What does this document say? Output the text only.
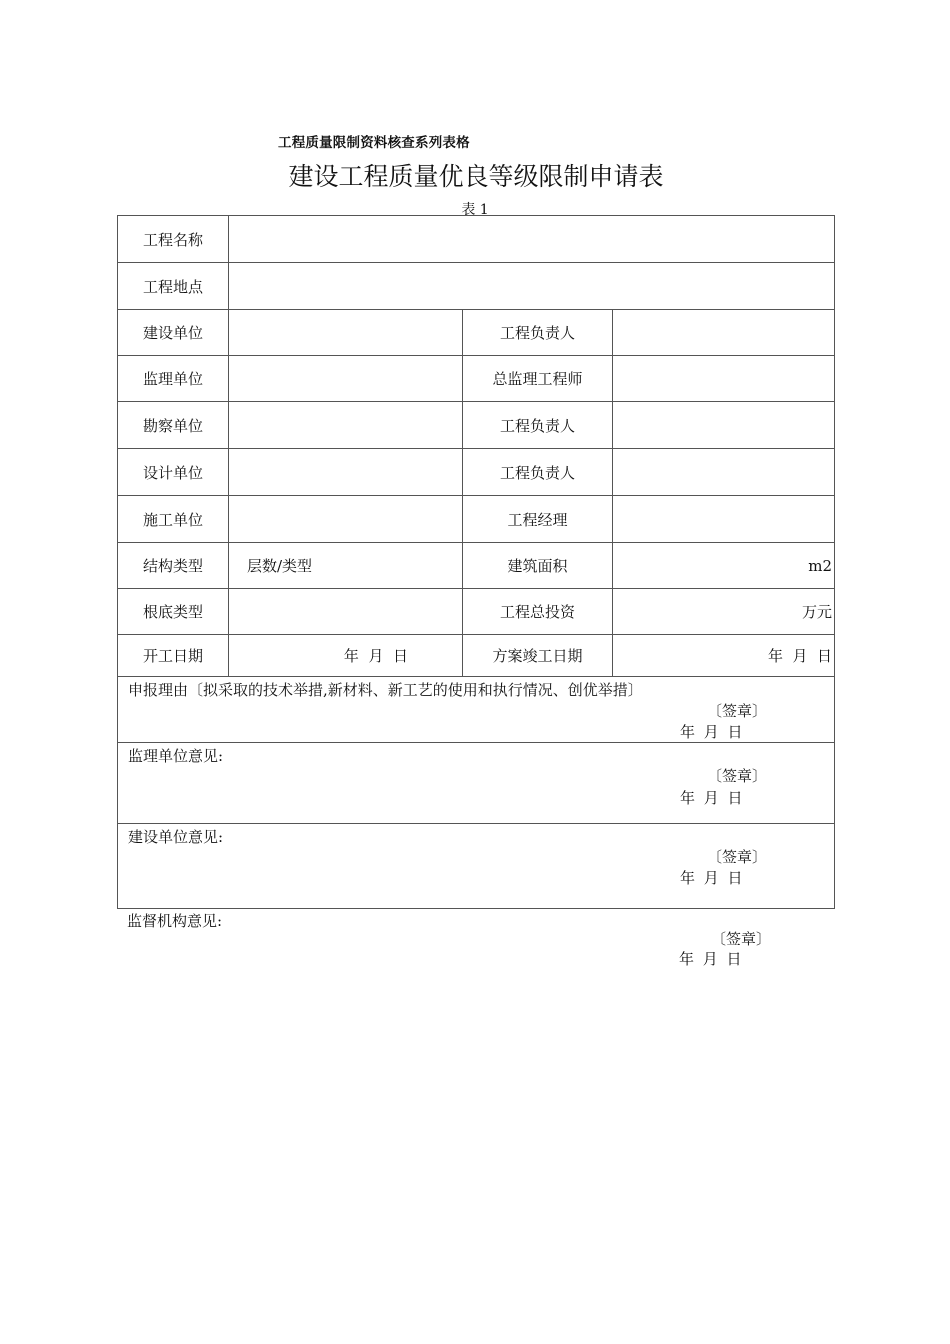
工程质量限制资料核查系列表格
建设工程质量优良等级限制申请表
表 1
工程名称			
工程地点			
建设单位		工程负责人	
监理单位		总监理工程师	
勘察单位		工程负责人	
设计单位		工程负责人	
施工单位		工程经理	
结构类型	层数/类型	建筑面积	m2
根底类型		工程总投资	万元
开工日期	年  月  日	方案竣工日期	年  月  日

申报理由〔拟采取的技术举措,新材料、新工艺的使用和执行情况、创优举措〕
〔签章〕
年 月 日			

监理单位意见:
〔签章〕
年 月 日			

建设单位意见:
〔签章〕
年 月 日			
监督机构意见:
〔签章〕
年 月 日
